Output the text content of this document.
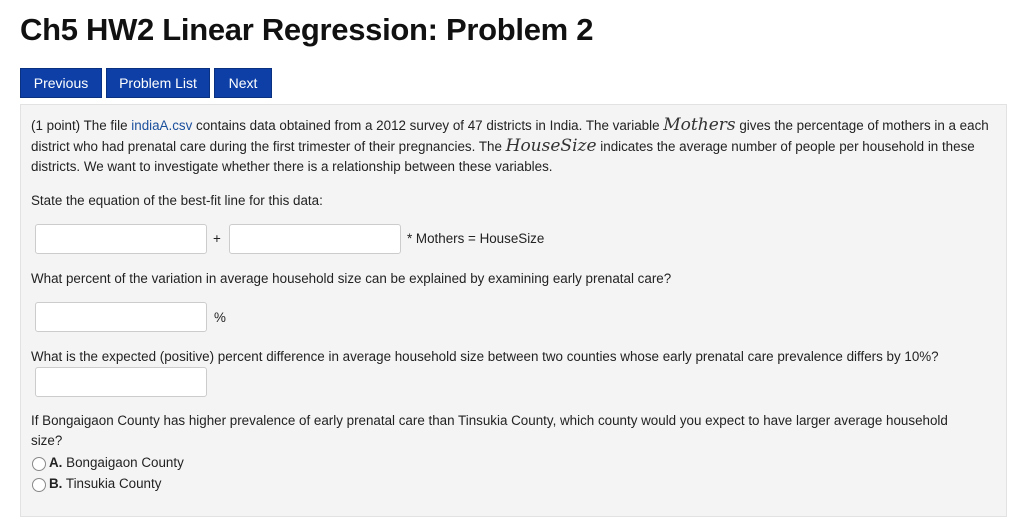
Ch5 HW2 Linear Regression: Problem 2
Previous	Problem List	Next

(1 point) The file indiaA.csv contains data obtained from a 2012 survey of 47 districts in India. The variable Mothers gives the percentage of mothers in a each district who had prenatal care during the first trimester of their pregnancies. The HouseSize indicates the average number of people per household in these districts. We want to investigate whether there is a relationship between these variables.

State the equation of the best-fit line for this data:

+	* Mothers = HouseSize

What percent of the variation in average household size can be explained by examining early prenatal care?

%

What is the expected (positive) percent difference in average household size between two counties whose early prenatal care prevalence differs by 10%?

If Bongaigaon County has higher prevalence of early prenatal care than Tinsukia County, which county would you expect to have larger average household size?

A. Bongaigaon County
B. Tinsukia County
